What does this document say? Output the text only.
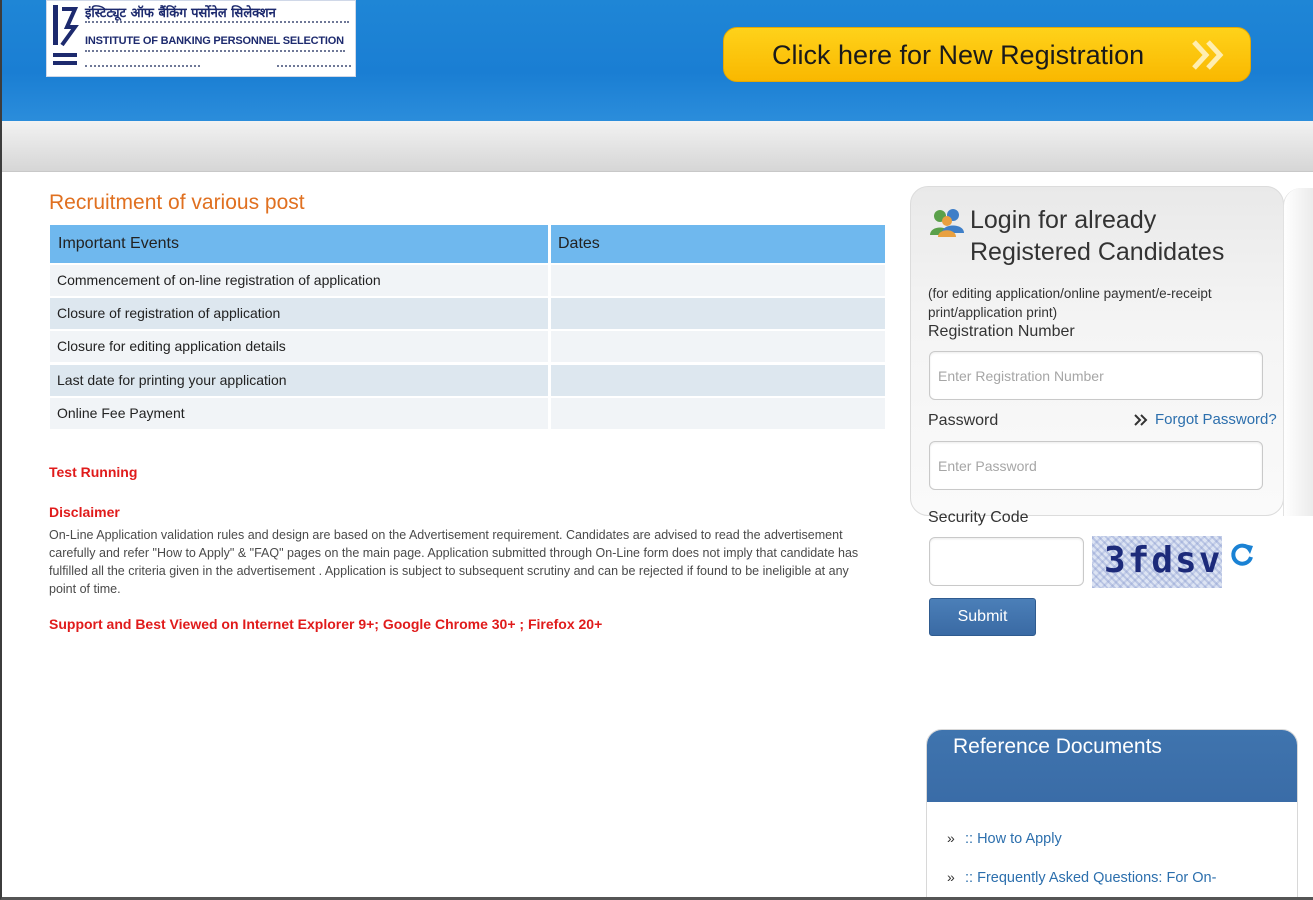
इंस्टिट्यूट ऑफ बैंकिंग पर्सोनेल सिलेक्शन
INSTITUTE OF BANKING PERSONNEL SELECTION	Click here for New Registration
Recruitment of various post
Important Events	Dates
Commencement of on-line registration of application
Closure of registration of application
Closure for editing application details
Last date for printing your application
Online Fee Payment
Test Running
Disclaimer
On-Line Application validation rules and design are based on the Advertisement requirement. Candidates are advised to read the advertisement carefully and refer "How to Apply" & "FAQ" pages on the main page. Application submitted through On-Line form does not imply that candidate has fulfilled all the criteria given in the advertisement . Application is subject to subsequent scrutiny and can be rejected if found to be ineligible at any point of time.
Support and Best Viewed on Internet Explorer 9+; Google Chrome 30+ ; Firefox 20+
Login for already
Registered Candidates
(for editing application/online payment/e-receipt print/application print)
Registration Number
Enter Registration Number
Password	Forgot Password?
Security Code
3fdsv
Submit
Reference Documents
» :: How to Apply
» :: Frequently Asked Questions: For On-
